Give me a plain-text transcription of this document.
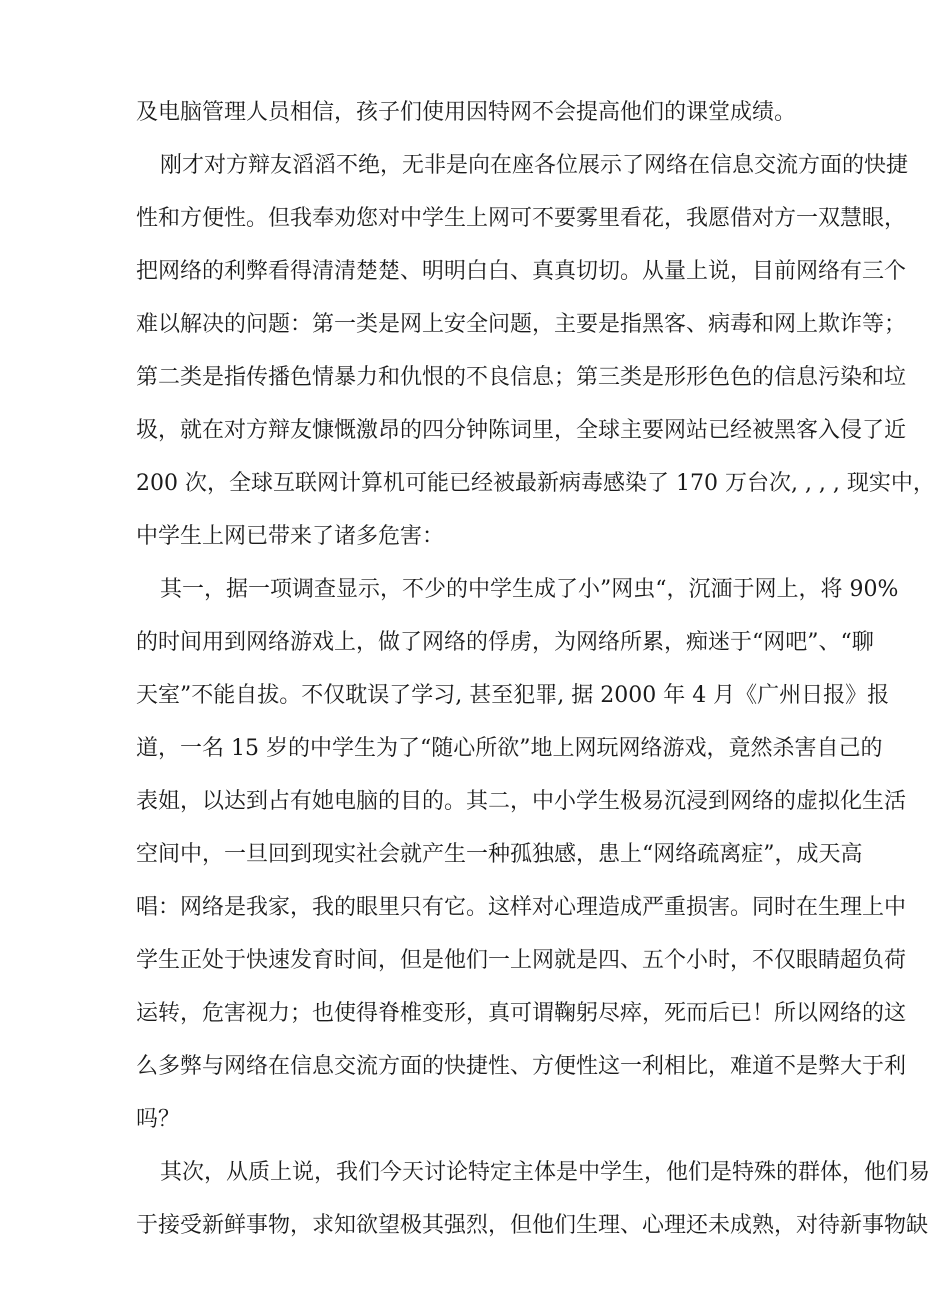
及电脑管理人员相信，孩子们使用因特网不会提高他们的课堂成绩。
刚才对方辩友滔滔不绝，无非是向在座各位展示了网络在信息交流方面的快捷
性和方便性。但我奉劝您对中学生上网可不要雾里看花，我愿借对方一双慧眼，
把网络的利弊看得清清楚楚、明明白白、真真切切。从量上说，目前网络有三个
难以解决的问题：第一类是网上安全问题，主要是指黑客、病毒和网上欺诈等；
第二类是指传播色情暴力和仇恨的不良信息；第三类是形形色色的信息污染和垃
圾，就在对方辩友慷慨激昂的四分钟陈词里，全球主要网站已经被黑客入侵了近
200 次，全球互联网计算机可能已经被最新病毒感染了 170 万台次, , , , 现实中，
中学生上网已带来了诸多危害：
其一，据一项调查显示，不少的中学生成了小”网虫“，沉湎于网上，将 90%
的时间用到网络游戏上，做了网络的俘虏，为网络所累，痴迷于“网吧”、“聊
天室”不能自拔。不仅耽误了学习, 甚至犯罪, 据 2000 年 4 月《广州日报》报
道，一名 15 岁的中学生为了“随心所欲”地上网玩网络游戏，竟然杀害自己的
表姐，以达到占有她电脑的目的。其二，中小学生极易沉浸到网络的虚拟化生活
空间中，一旦回到现实社会就产生一种孤独感，患上“网络疏离症”，成天高
唱：网络是我家，我的眼里只有它。这样对心理造成严重损害。同时在生理上中
学生正处于快速发育时间，但是他们一上网就是四、五个小时，不仅眼睛超负荷
运转，危害视力；也使得脊椎变形，真可谓鞠躬尽瘁，死而后已！所以网络的这
么多弊与网络在信息交流方面的快捷性、方便性这一利相比，难道不是弊大于利
吗？
其次，从质上说，我们今天讨论特定主体是中学生，他们是特殊的群体，他们易
于接受新鲜事物，求知欲望极其强烈，但他们生理、心理还未成熟，对待新事物缺
